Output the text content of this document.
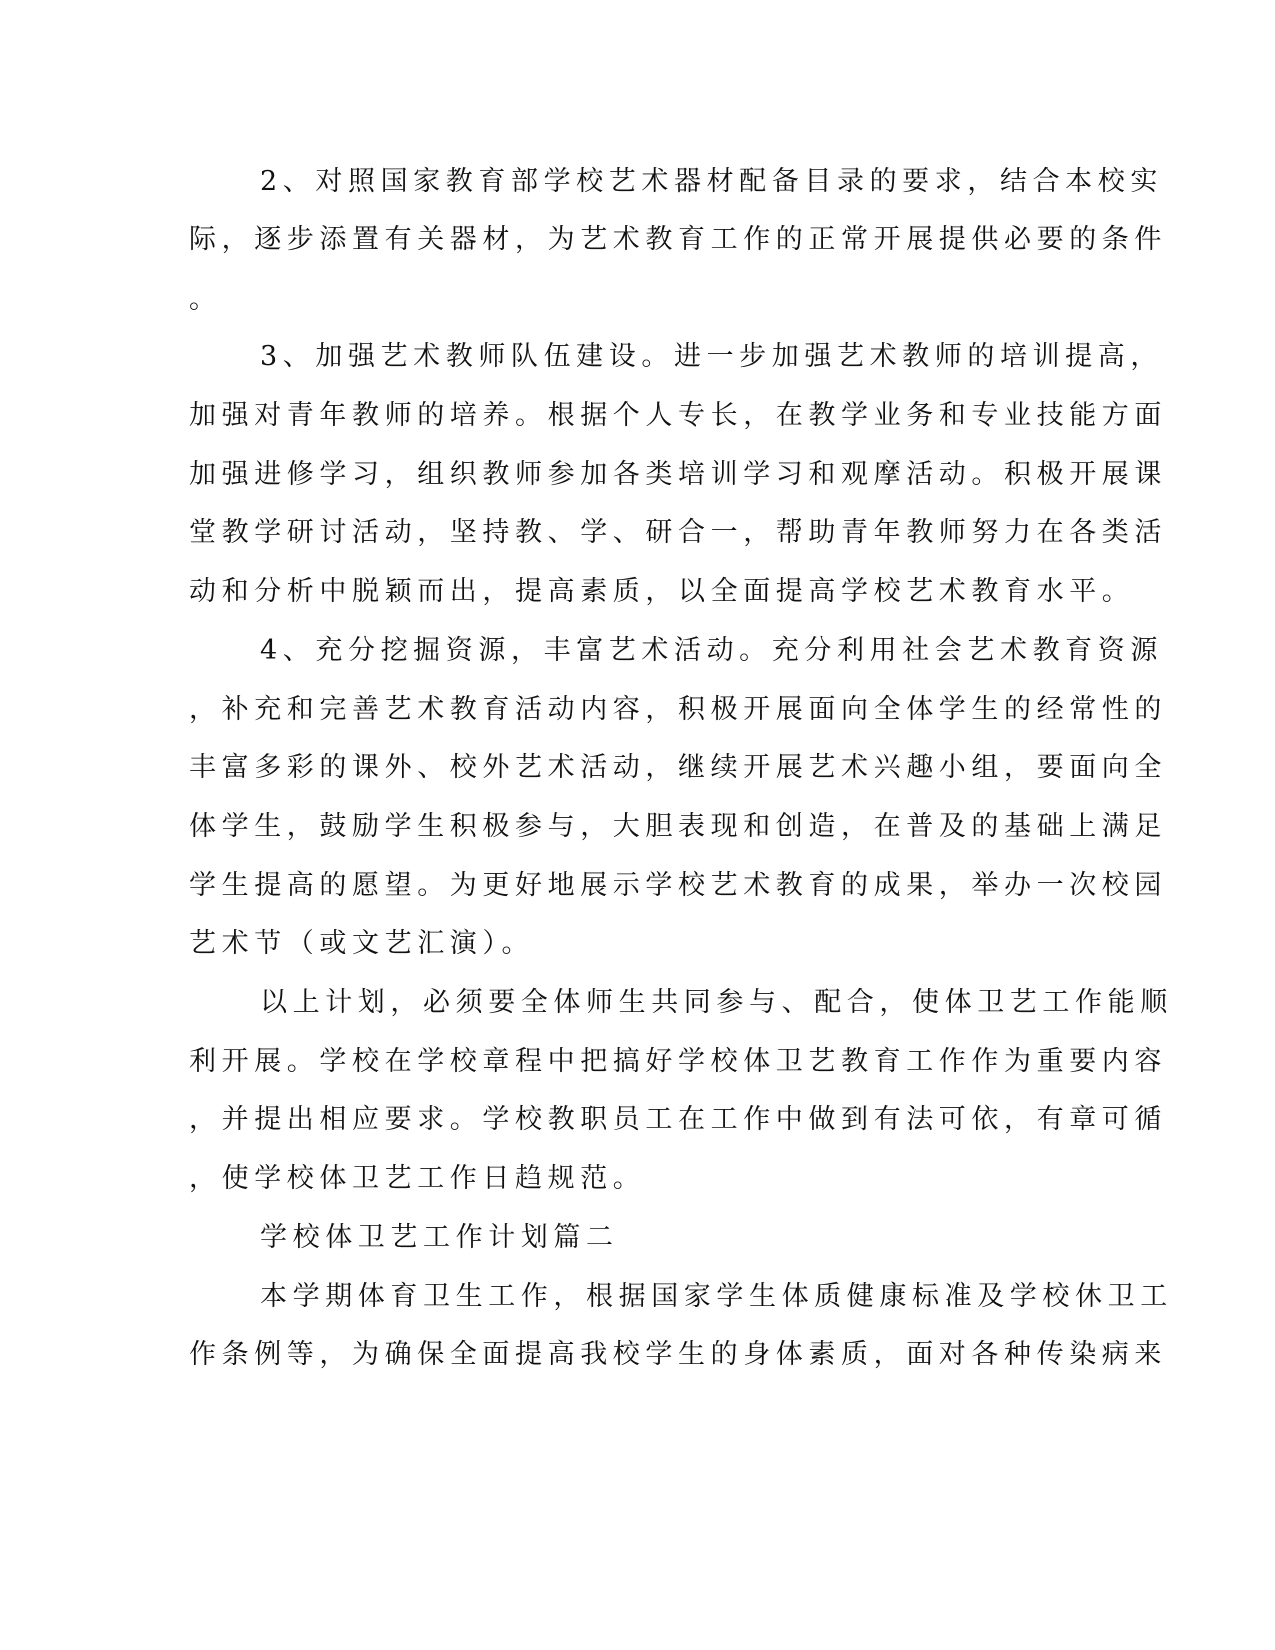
2、对照国家教育部学校艺术器材配备目录的要求，结合本校实
际，逐步添置有关器材，为艺术教育工作的正常开展提供必要的条件
。
3、加强艺术教师队伍建设。进一步加强艺术教师的培训提高，
加强对青年教师的培养。根据个人专长，在教学业务和专业技能方面
加强进修学习，组织教师参加各类培训学习和观摩活动。积极开展课
堂教学研讨活动，坚持教、学、研合一，帮助青年教师努力在各类活
动和分析中脱颖而出，提高素质，以全面提高学校艺术教育水平。
4、充分挖掘资源，丰富艺术活动。充分利用社会艺术教育资源
，补充和完善艺术教育活动内容，积极开展面向全体学生的经常性的
丰富多彩的课外、校外艺术活动，继续开展艺术兴趣小组，要面向全
体学生，鼓励学生积极参与，大胆表现和创造，在普及的基础上满足
学生提高的愿望。为更好地展示学校艺术教育的成果，举办一次校园
艺术节（或文艺汇演）。
以上计划，必须要全体师生共同参与、配合，使体卫艺工作能顺
利开展。学校在学校章程中把搞好学校体卫艺教育工作作为重要内容
，并提出相应要求。学校教职员工在工作中做到有法可依，有章可循
，使学校体卫艺工作日趋规范。
学校体卫艺工作计划篇二
本学期体育卫生工作，根据国家学生体质健康标准及学校休卫工
作条例等，为确保全面提高我校学生的身体素质，面对各种传染病来
